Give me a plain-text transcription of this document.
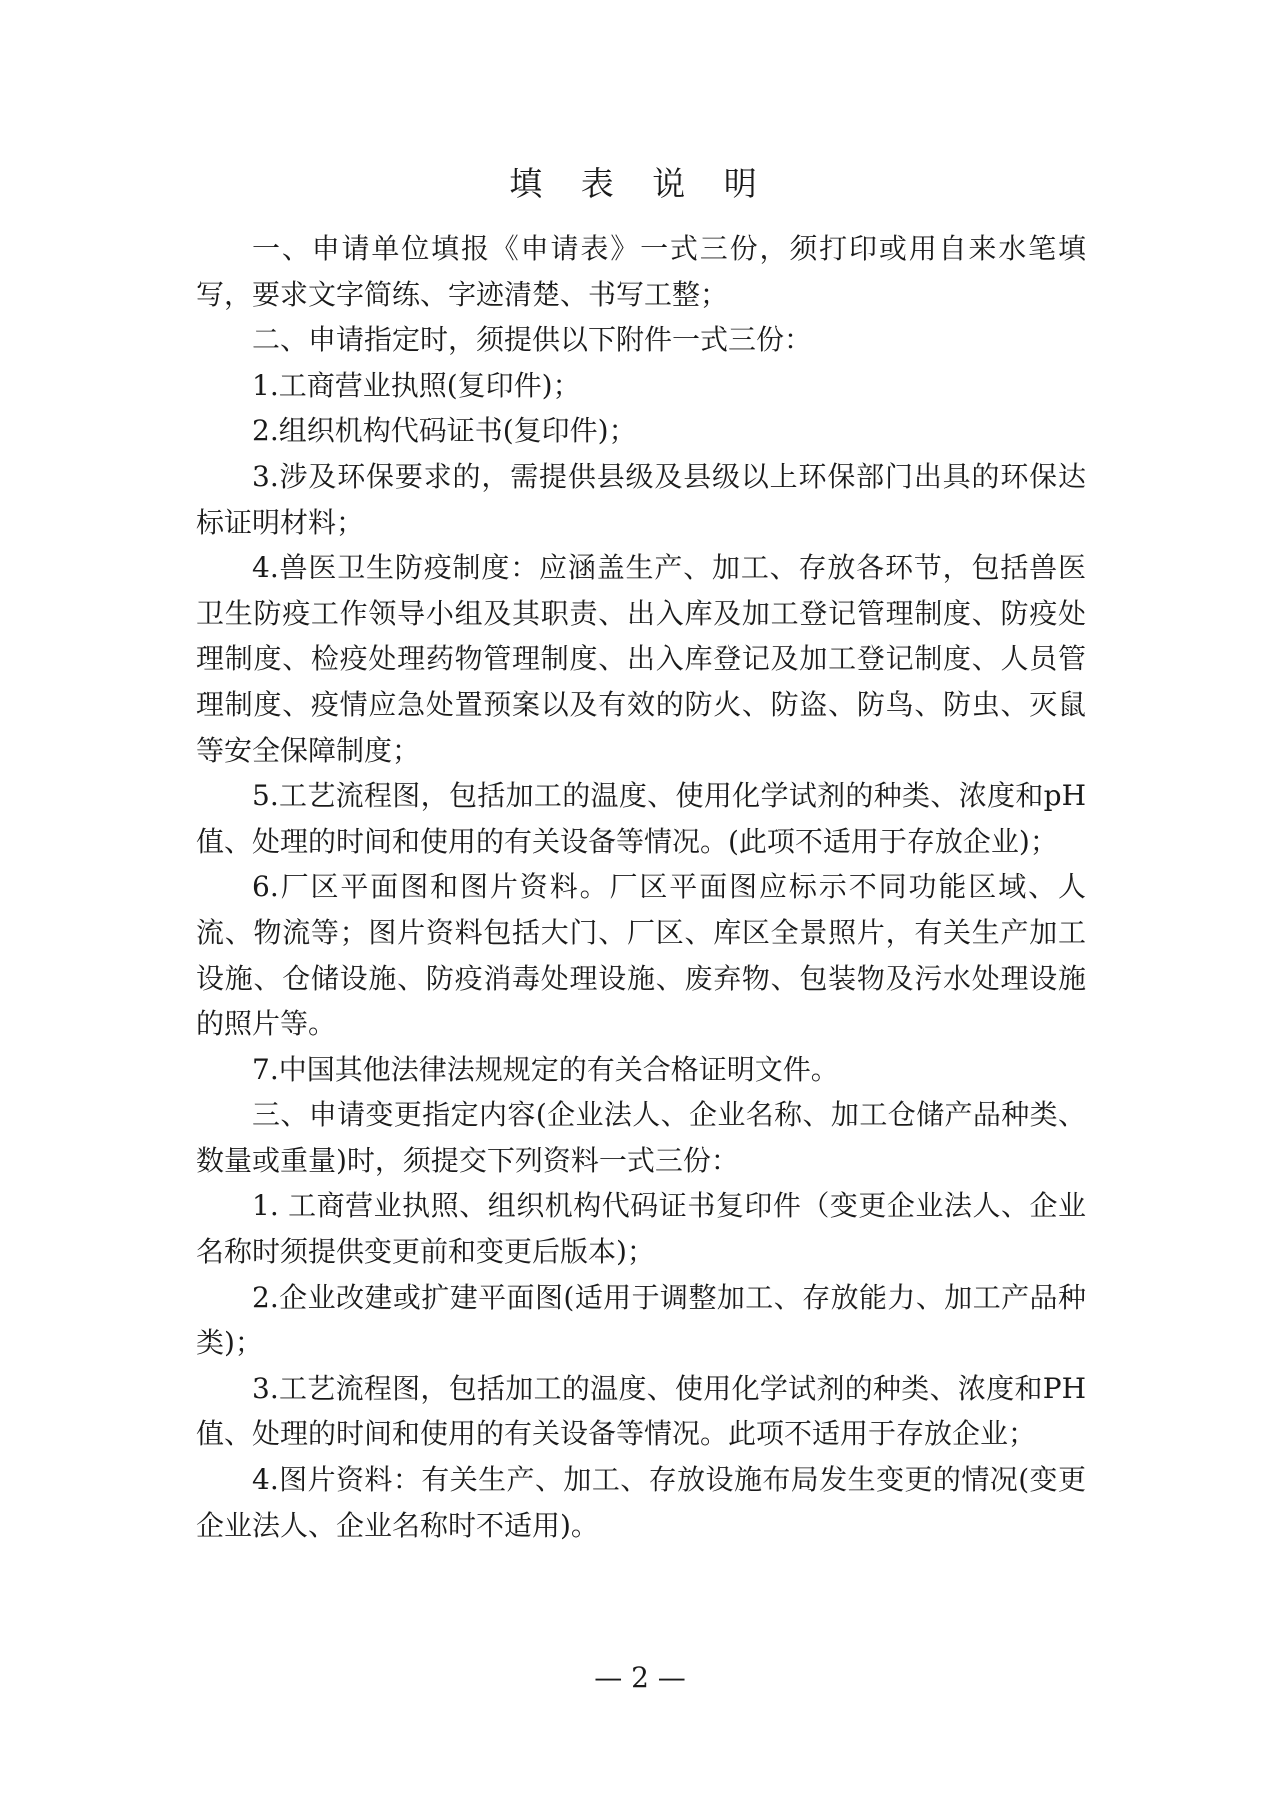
填 表 说 明

一、申请单位填报《申请表》一式三份，须打印或用自来水笔填写，要求文字简练、字迹清楚、书写工整；

二、申请指定时，须提供以下附件一式三份：

1.工商营业执照(复印件)；

2.组织机构代码证书(复印件)；

3.涉及环保要求的，需提供县级及县级以上环保部门出具的环保达标证明材料；

4.兽医卫生防疫制度：应涵盖生产、加工、存放各环节，包括兽医卫生防疫工作领导小组及其职责、出入库及加工登记管理制度、防疫处理制度、检疫处理药物管理制度、出入库登记及加工登记制度、人员管理制度、疫情应急处置预案以及有效的防火、防盗、防鸟、防虫、灭鼠等安全保障制度；

5.工艺流程图，包括加工的温度、使用化学试剂的种类、浓度和pH值、处理的时间和使用的有关设备等情况。(此项不适用于存放企业)；

6.厂区平面图和图片资料。厂区平面图应标示不同功能区域、人流、物流等；图片资料包括大门、厂区、库区全景照片，有关生产加工设施、仓储设施、防疫消毒处理设施、废弃物、包装物及污水处理设施的照片等。

7.中国其他法律法规规定的有关合格证明文件。

三、申请变更指定内容(企业法人、企业名称、加工仓储产品种类、数量或重量)时，须提交下列资料一式三份：

1. 工商营业执照、组织机构代码证书复印件（变更企业法人、企业名称时须提供变更前和变更后版本)；

2.企业改建或扩建平面图(适用于调整加工、存放能力、加工产品种类)；

3.工艺流程图，包括加工的温度、使用化学试剂的种类、浓度和PH值、处理的时间和使用的有关设备等情况。此项不适用于存放企业；

4.图片资料：有关生产、加工、存放设施布局发生变更的情况(变更企业法人、企业名称时不适用)。

— 2 —
